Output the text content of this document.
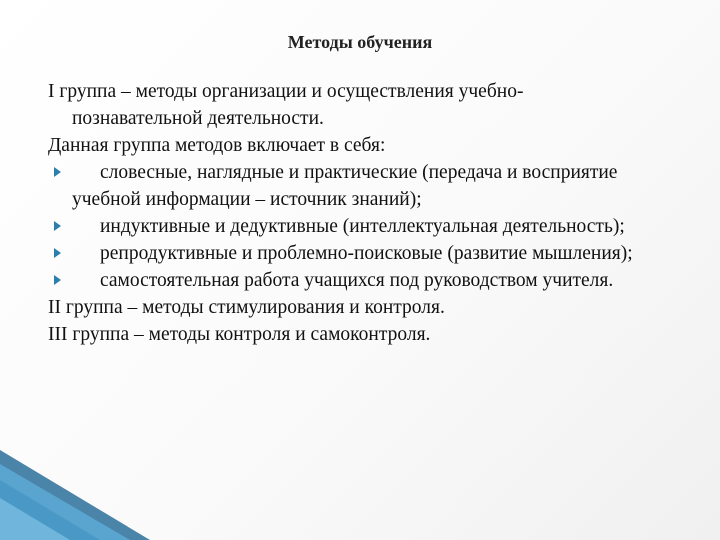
Методы обучения
I группа – методы организации и осуществления учебно-
познавательной деятельности.
Данная группа методов включает в себя:
словесные, наглядные и практические (передача и восприятие учебной информации – источник знаний);
индуктивные и дедуктивные (интеллектуальная деятельность);
репродуктивные и проблемно-поисковые (развитие мышления);
самостоятельная работа учащихся под руководством учителя.
II группа – методы стимулирования и контроля.
III группа – методы контроля и самоконтроля.
